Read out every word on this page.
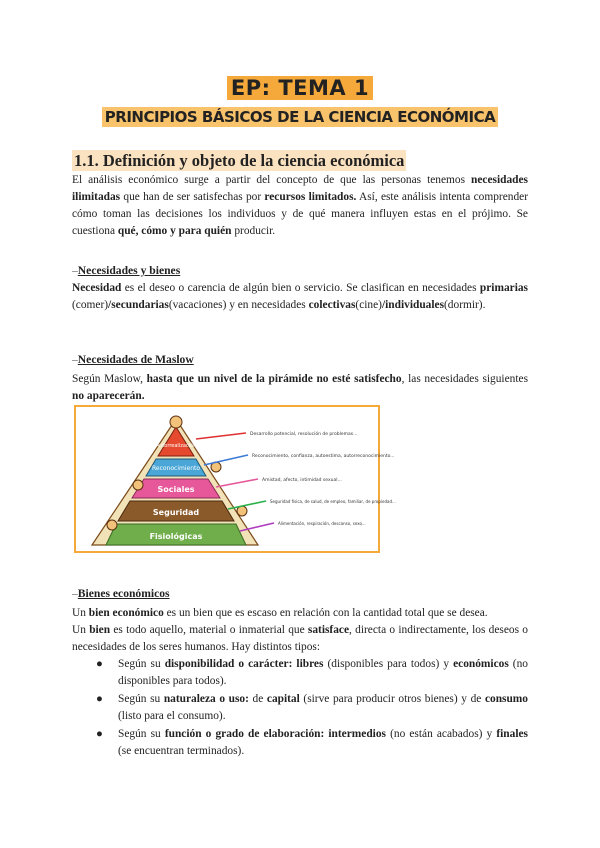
EP: TEMA 1
PRINCIPIOS BÁSICOS DE LA CIENCIA ECONÓMICA
1.1. Definición y objeto de la ciencia económica
El análisis económico surge a partir del concepto de que las personas tenemos necesidades ilimitadas que han de ser satisfechas por recursos limitados. Así, este análisis intenta comprender cómo toman las decisiones los individuos y de qué manera influyen estas en el prójimo. Se cuestiona qué, cómo y para quién producir.
–Necesidades y bienes
Necesidad es el deseo o carencia de algún bien o servicio. Se clasifican en necesidades primarias (comer)/secundarias(vacaciones) y en necesidades colectivas(cine)/individuales(dormir).
–Necesidades de Maslow
Según Maslow, hasta que un nivel de la pirámide no esté satisfecho, las necesidades siguientes no aparecerán.
Autorrealización
Reconocimiento
Sociales
Seguridad
Fisiológicas
Desarrollo potencial, resolución de problemas...
Reconocimiento, confianza, autoestima, autorreconocimiento...
Amistad, afecto, intimidad sexual...
Seguridad física, de salud, de empleo, familiar, de propiedad...
Alimentación, respiración, descanso, sexo...
–Bienes económicos
Un bien económico es un bien que es escaso en relación con la cantidad total que se desea.
Un bien es todo aquello, material o inmaterial que satisface, directa o indirectamente, los deseos o necesidades de los seres humanos. Hay distintos tipos:
● Según su disponibilidad o carácter: libres (disponibles para todos) y económicos (no disponibles para todos).
● Según su naturaleza o uso: de capital (sirve para producir otros bienes) y de consumo (listo para el consumo).
● Según su función o grado de elaboración: intermedios (no están acabados) y finales (se encuentran terminados).
